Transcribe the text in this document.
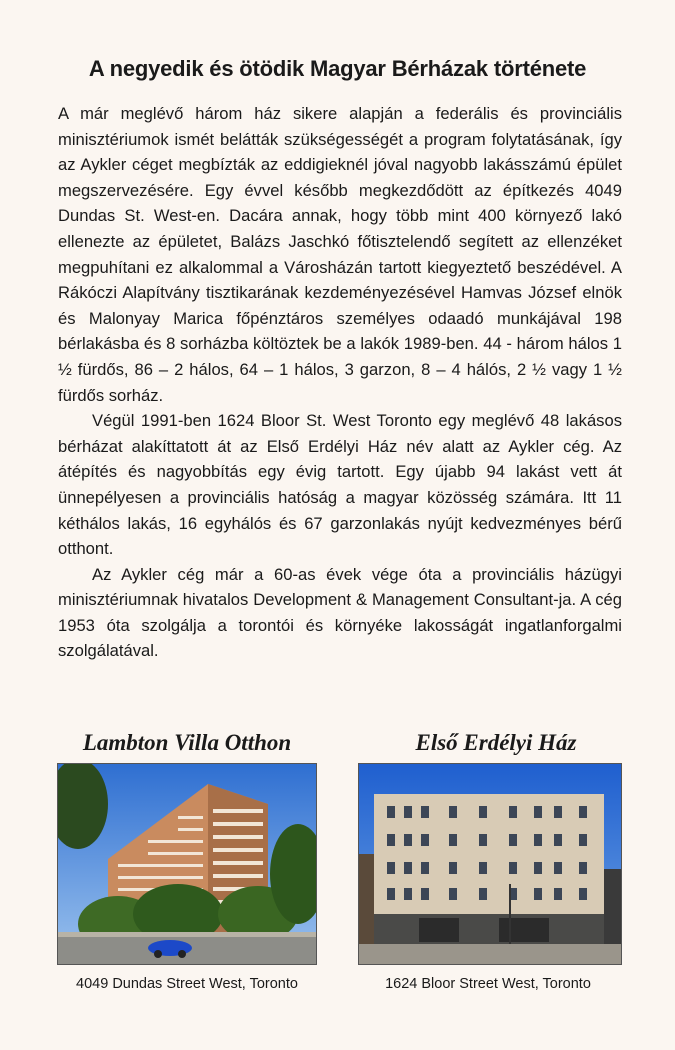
A negyedik és ötödik Magyar Bérházak története

A már meglévő három ház sikere alapján a federális és provinciális minisztériumok ismét belátták szükségességét a program folytatásának, így az Aykler céget megbízták az eddigieknél jóval nagyobb lakásszámú épület megszervezésére. Egy évvel később megkezdődött az építkezés 4049 Dundas St. West-en. Dacára annak, hogy több mint 400 környező lakó ellenezte az épületet, Balázs Jaschkó főtisztelendő segített az ellenzéket megpuhítani ez alkalommal a Városházán tartott kiegyeztető beszédével. A Rákóczi Alapítvány tisztikarának kezdeményezésével Hamvas József elnök és Malonyay Marica főpénztáros személyes odaadó munkájával 198 bérlakásba és 8 sorházba költöztek be a lakók 1989-ben. 44 - három hálos 1 ½ fürdős, 86 – 2 hálos, 64 – 1 hálos, 3 garzon, 8 – 4 hálós, 2 ½ vagy 1 ½ fürdős sorház.

Végül 1991-ben 1624 Bloor St. West Toronto egy meglévő 48 lakásos bérházat alakíttatott át az Első Erdélyi Ház név alatt az Aykler cég. Az átépítés és nagyobbítás egy évig tartott. Egy újabb 94 lakást vett át ünnepélyesen a provinciális hatóság a magyar közösség számára. Itt 11 kéthálos lakás, 16 egyhálós és 67 garzonlakás nyújt kedvezményes bérű otthont.

Az Aykler cég már a 60-as évek vége óta a provinciális házügyi minisztériumnak hivatalos Development & Management Consultant-ja. A cég 1953 óta szolgálja a torontói és környéke lakosságát ingatlanforgalmi szolgálatával.

Lambton Villa Otthon
4049 Dundas Street West, Toronto
Első Erdélyi Ház
1624 Bloor Street West, Toronto
